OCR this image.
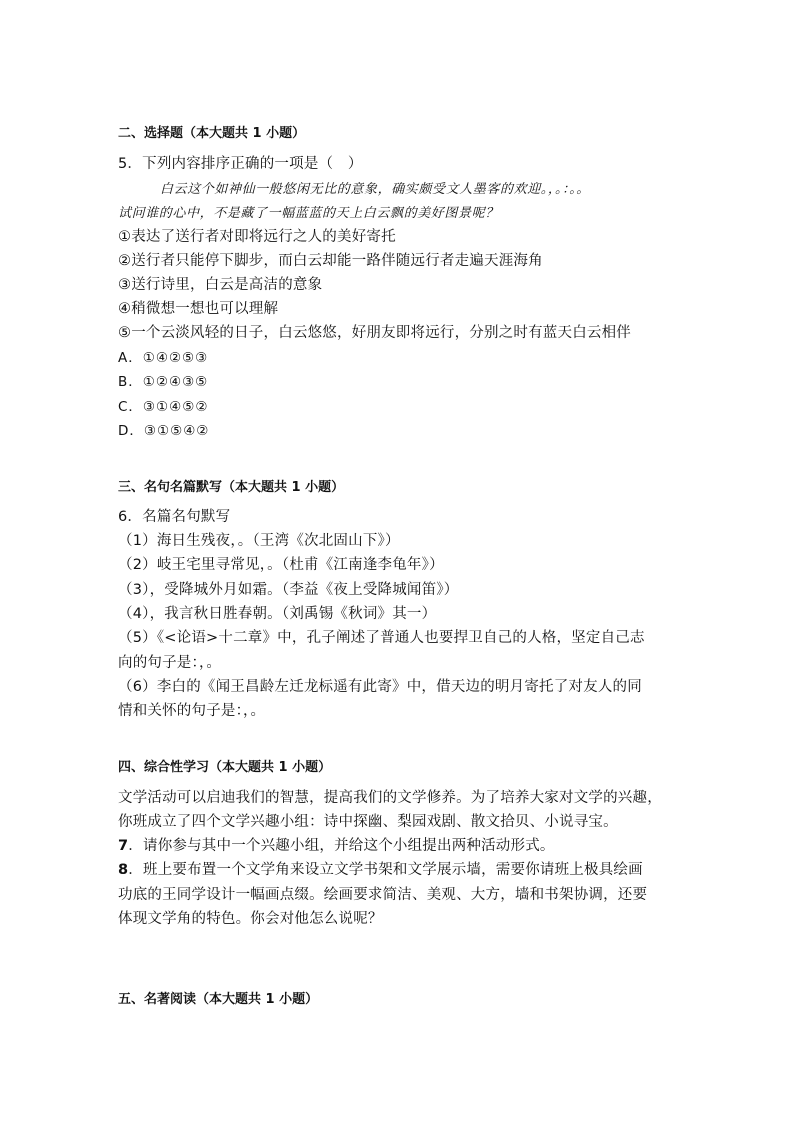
二、选择题（本大题共 1 小题）
5．下列内容排序正确的一项是（　）
白云这个如神仙一般悠闲无比的意象，确实颇受文人墨客的欢迎。，。：。。
试问谁的心中，不是藏了一幅蓝蓝的天上白云飘的美好图景呢？
①表达了送行者对即将远行之人的美好寄托
②送行者只能停下脚步，而白云却能一路伴随远行者走遍天涯海角
③送行诗里，白云是高洁的意象
④稍微想一想也可以理解
⑤一个云淡风轻的日子，白云悠悠，好朋友即将远行，分别之时有蓝天白云相伴
A．①④②⑤③
B．①②④③⑤
C．③①④⑤②
D．③①⑤④②
三、名句名篇默写（本大题共 1 小题）
6．名篇名句默写
（1）海日生残夜，。（王湾《次北固山下》）
（2）岐王宅里寻常见，。（杜甫《江南逢李龟年》）
（3），受降城外月如霜。（李益《夜上受降城闻笛》）
（4），我言秋日胜春朝。（刘禹锡《秋词》其一）
（5）《<论语>十二章》中，孔子阐述了普通人也要捍卫自己的人格，坚定自己志
向的句子是：，。
（6）李白的《闻王昌龄左迁龙标遥有此寄》中，借天边的明月寄托了对友人的同
情和关怀的句子是：，。
四、综合性学习（本大题共 1 小题）
文学活动可以启迪我们的智慧，提高我们的文学修养。为了培养大家对文学的兴趣，
你班成立了四个文学兴趣小组：诗中探幽、梨园戏剧、散文拾贝、小说寻宝。
7．请你参与其中一个兴趣小组，并给这个小组提出两种活动形式。
8．班上要布置一个文学角来设立文学书架和文学展示墙，需要你请班上极具绘画
功底的王同学设计一幅画点缀。绘画要求简洁、美观、大方，墙和书架协调，还要
体现文学角的特色。你会对他怎么说呢？
五、名著阅读（本大题共 1 小题）
